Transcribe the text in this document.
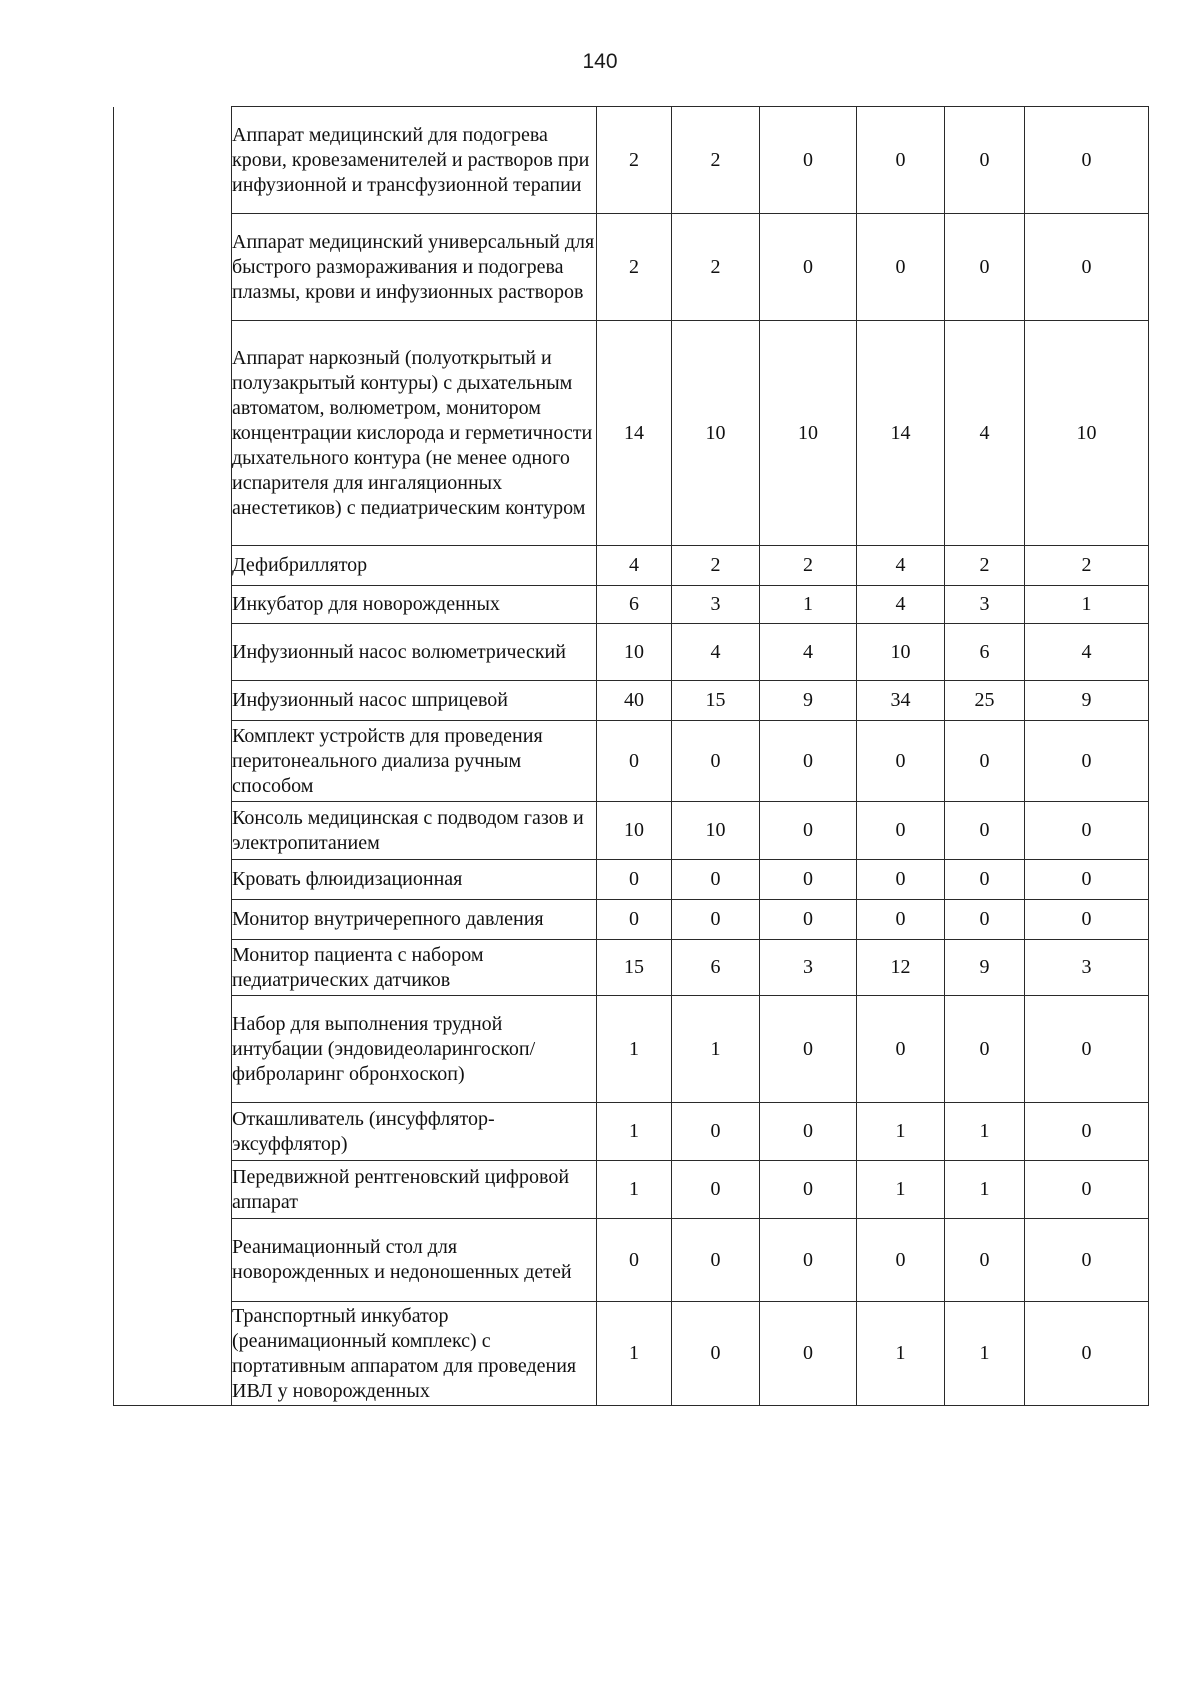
140
	Аппарат медицинский для подогрева крови, кровезаменителей и растворов при инфузионной и трансфузионной терапии	2	2	0	0	0	0
	Аппарат медицинский универсальный для быстрого размораживания и подогрева плазмы, крови и инфузионных растворов	2	2	0	0	0	0
	Аппарат наркозный (полуоткрытый и полузакрытый контуры) с дыхательным автоматом, волюметром, монитором концентрации кислорода и герметичности дыхательного контура (не менее одного испарителя для ингаляционных анестетиков) с педиатрическим контуром	14	10	10	14	4	10
	Дефибриллятор	4	2	2	4	2	2
	Инкубатор для новорожденных	6	3	1	4	3	1
	Инфузионный насос волюметрический	10	4	4	10	6	4
	Инфузионный насос шприцевой	40	15	9	34	25	9
	Комплект устройств для проведения перитонеального диализа ручным способом	0	0	0	0	0	0
	Консоль медицинская с подводом газов и электропитанием	10	10	0	0	0	0
	Кровать флюидизационная	0	0	0	0	0	0
	Монитор внутричерепного давления	0	0	0	0	0	0
	Монитор пациента с набором педиатрических датчиков	15	6	3	12	9	3
	Набор для выполнения трудной интубации (эндовидеоларингоскоп/фиброларинг обронхоскоп)	1	1	0	0	0	0
	Откашливатель (инсуффлятор-эксуффлятор)	1	0	0	1	1	0
	Передвижной рентгеновский цифровой аппарат	1	0	0	1	1	0
	Реанимационный стол для новорожденных и недоношенных детей	0	0	0	0	0	0
	Транспортный инкубатор (реанимационный комплекс) с портативным аппаратом для проведения ИВЛ у новорожденных	1	0	0	1	1	0
